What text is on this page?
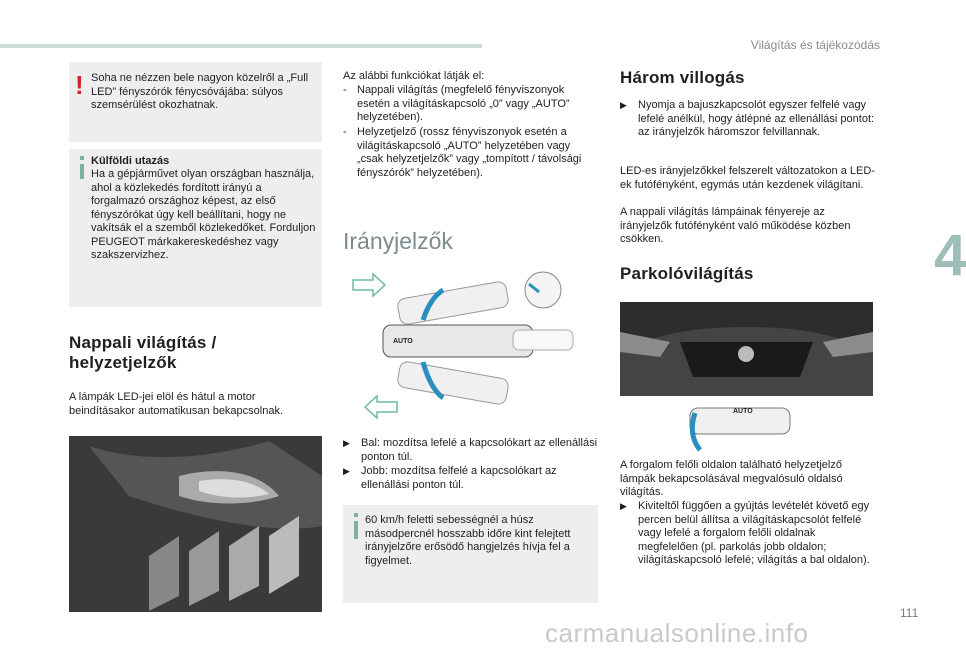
Világítás és tájékozódás
4
! Soha ne nézzen bele nagyon közelről a „Full LED” fényszórók fénycsóvájába: súlyos szemsérülést okozhatnak.
Külföldi utazás
Ha a gépjárművet olyan országban használja, ahol a közlekedés fordított irányú a forgalmazó országhoz képest, az első fényszórókat úgy kell beállítani, hogy ne vakítsák el a szemből közlekedőket. Forduljon PEUGEOT márkakereskedéshez vagy szakszervizhez.
Nappali világítás / helyzetjelzők
A lámpák LED-jei elöl és hátul a motor beindításakor automatikusan bekapcsolnak.
Az alábbi funkciókat látják el:
- Nappali világítás (megfelelő fényviszonyok esetén a világításkapcsoló „0” vagy „AUTO” helyzetében).
- Helyzetjelző (rossz fényviszonyok esetén a világításkapcsoló „AUTO” helyzetében vagy „csak helyzetjelzők” vagy „tompított / távolsági fényszórók” helyzetében).
Irányjelzők
AUTO
▶	Bal: mozdítsa lefelé a kapcsolókart az ellenállási ponton túl.
▶	Jobb: mozdítsa felfelé a kapcsolókart az ellenállási ponton túl.
60 km/h feletti sebességnél a húsz másodpercnél hosszabb időre kint felejtett irányjelzőre erősödő hangjelzés hívja fel a figyelmet.
Három villogás
▶	Nyomja a bajuszkapcsolót egyszer felfelé vagy lefelé anélkül, hogy átlépné az ellenállási pontot: az irányjelzők háromszor felvillannak.
LED-es irányjelzőkkel felszerelt változatokon a LED-ek futófényként, egymás után kezdenek világítani.
A nappali világítás lámpáinak fényereje az irányjelzők futófényként való működése közben csökken.
Parkolóvilágítás
AUTO
A forgalom felőli oldalon található helyzetjelző lámpák bekapcsolásával megvalósuló oldalsó világítás.
▶	Kiviteltől függően a gyújtás levételét követő egy percen belül állítsa a világításkapcsolót felfelé vagy lefelé a forgalom felőli oldalnak megfelelően (pl. parkolás jobb oldalon; világításkapcsoló lefelé; világítás a bal oldalon).
111
carmanualsonline.info
